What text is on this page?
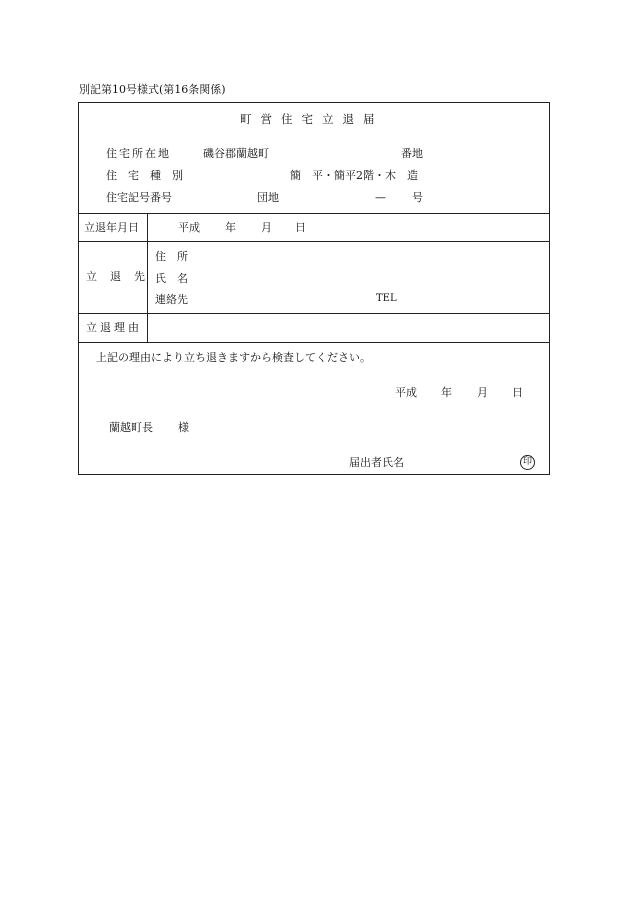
別記第10号様式(第16条関係)
町営住宅立退届
住宅所在地	磯谷郡蘭越町	番地
住　宅　種　別	簡　平・簡平2階・木　造
住宅記号番号	団地	— 号
立退年月日	平成 年 月 日
立　退　先
住　所
氏　名
連絡先	TEL
立退理由
上記の理由により立ち退きますから検査してください。
平成 年 月 日
蘭越町長 様
届出者氏名	印
